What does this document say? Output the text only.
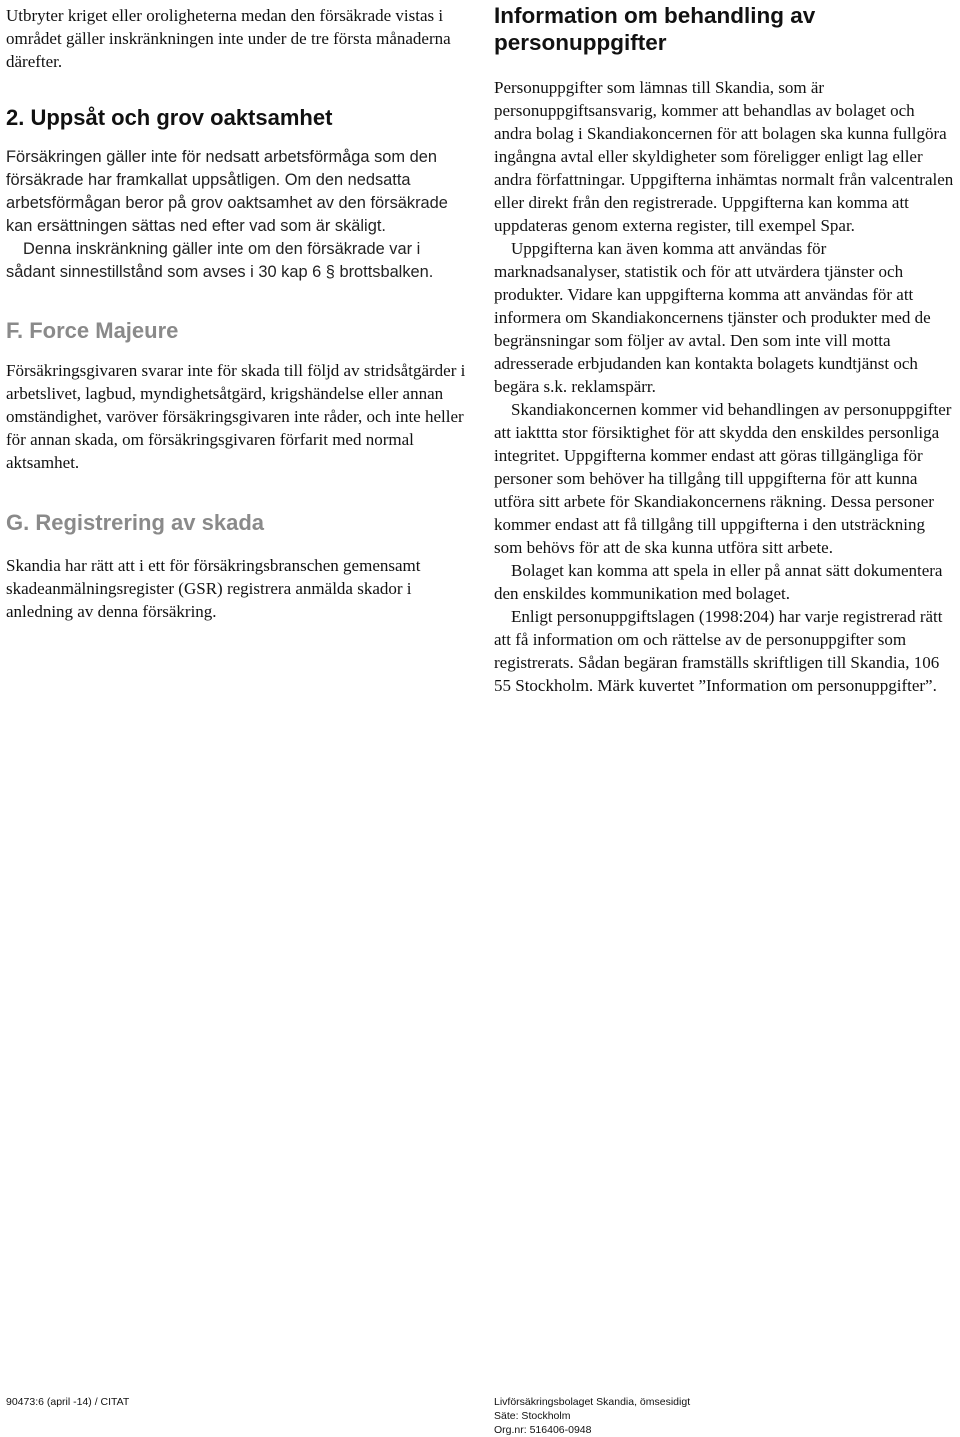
Utbryter kriget eller oroligheterna medan den försäkrade vistas i området gäller inskränkningen inte under de tre första månaderna därefter.

2. Uppsåt och grov oaktsamhet

Försäkringen gäller inte för nedsatt arbetsförmåga som den försäkrade har framkallat uppsåtligen. Om den nedsatta arbetsförmågan beror på grov oaktsamhet av den försäkrade kan ersättningen sättas ned efter vad som är skäligt.

Denna inskränkning gäller inte om den försäkrade var i sådant sinnestillstånd som avses i 30 kap 6 § brottsbalken.

F. Force Majeure

Försäkringsgivaren svarar inte för skada till följd av stridsåtgärder i arbetslivet, lagbud, myndighetsåtgärd, krigshändelse eller annan omständighet, varöver försäkringsgivaren inte råder, och inte heller för annan skada, om försäkringsgivaren förfarit med normal aktsamhet.

G. Registrering av skada

Skandia har rätt att i ett för försäkringsbranschen gemensamt skadeanmälningsregister (GSR) registrera anmälda skador i anledning av denna försäkring.

Information om behandling av personuppgifter

Personuppgifter som lämnas till Skandia, som är personuppgiftsansvarig, kommer att behandlas av bolaget och andra bolag i Skandiakoncernen för att bolagen ska kunna fullgöra ingångna avtal eller skyldigheter som föreligger enligt lag eller andra författningar. Uppgifterna inhämtas normalt från valcentralen eller direkt från den registrerade. Uppgifterna kan komma att uppdateras genom externa register, till exempel Spar.

Uppgifterna kan även komma att användas för marknadsanalyser, statistik och för att utvärdera tjänster och produkter. Vidare kan uppgifterna komma att användas för att informera om Skandiakoncernens tjänster och produkter med de begränsningar som följer av avtal. Den som inte vill motta adresserade erbjudanden kan kontakta bolagets kundtjänst och begära s.k. reklamspärr.

Skandiakoncernen kommer vid behandlingen av personuppgifter att iakttta stor försiktighet för att skydda den enskildes personliga integritet. Uppgifterna kommer endast att göras tillgängliga för personer som behöver ha tillgång till uppgifterna för att kunna utföra sitt arbete för Skandiakoncernens räkning. Dessa personer kommer endast att få tillgång till uppgifterna i den utsträckning som behövs för att de ska kunna utföra sitt arbete.

Bolaget kan komma att spela in eller på annat sätt dokumentera den enskildes kommunikation med bolaget.

Enligt personuppgiftslagen (1998:204) har varje registrerad rätt att få information om och rättelse av de personuppgifter som registrerats. Sådan begäran framställs skriftligen till Skandia, 106 55 Stockholm. Märk kuvertet ”Information om personuppgifter”.

90473:6 (april -14) / CITAT	Livförsäkringsbolaget Skandia, ömsesidigt
Säte: Stockholm
Org.nr: 516406-0948
